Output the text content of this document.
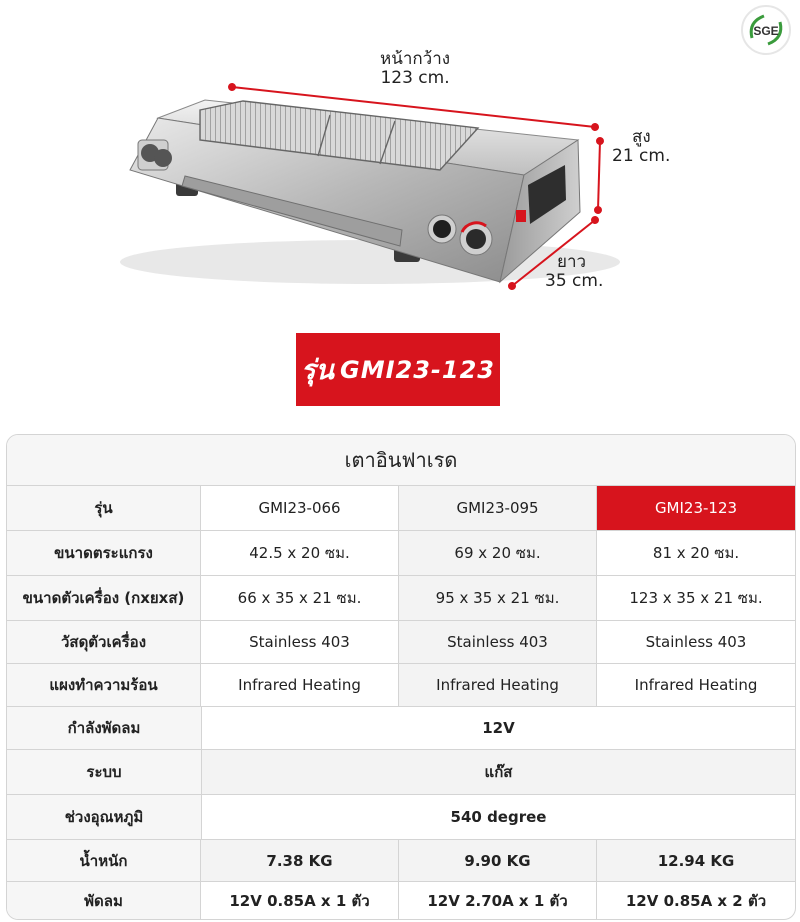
หน้ากว้าง
123 cm.
สูง
21 cm.
ยาว
35 cm.
SGE
รุ่น GMI23-123
เตาอินฟาเรด
รุ่น	GMI23-066	GMI23-095	GMI23-123
ขนาดตระแกรง	42.5 x 20 ซม.	69 x 20 ซม.	81 x 20 ซม.
ขนาดตัวเครื่อง (กxยxส)	66 x 35 x 21 ซม.	95 x 35 x 21 ซม.	123 x 35 x 21 ซม.
วัสดุตัวเครื่อง	Stainless 403	Stainless 403	Stainless 403
แผงทำความร้อน	Infrared Heating	Infrared Heating	Infrared Heating
กำลังพัดลม	12V
ระบบ	แก๊ส
ช่วงอุณหภูมิ	540 degree
น้ำหนัก	7.38 KG	9.90 KG	12.94 KG
พัดลม	12V 0.85A x 1 ตัว	12V 2.70A x 1 ตัว	12V 0.85A x 2 ตัว
